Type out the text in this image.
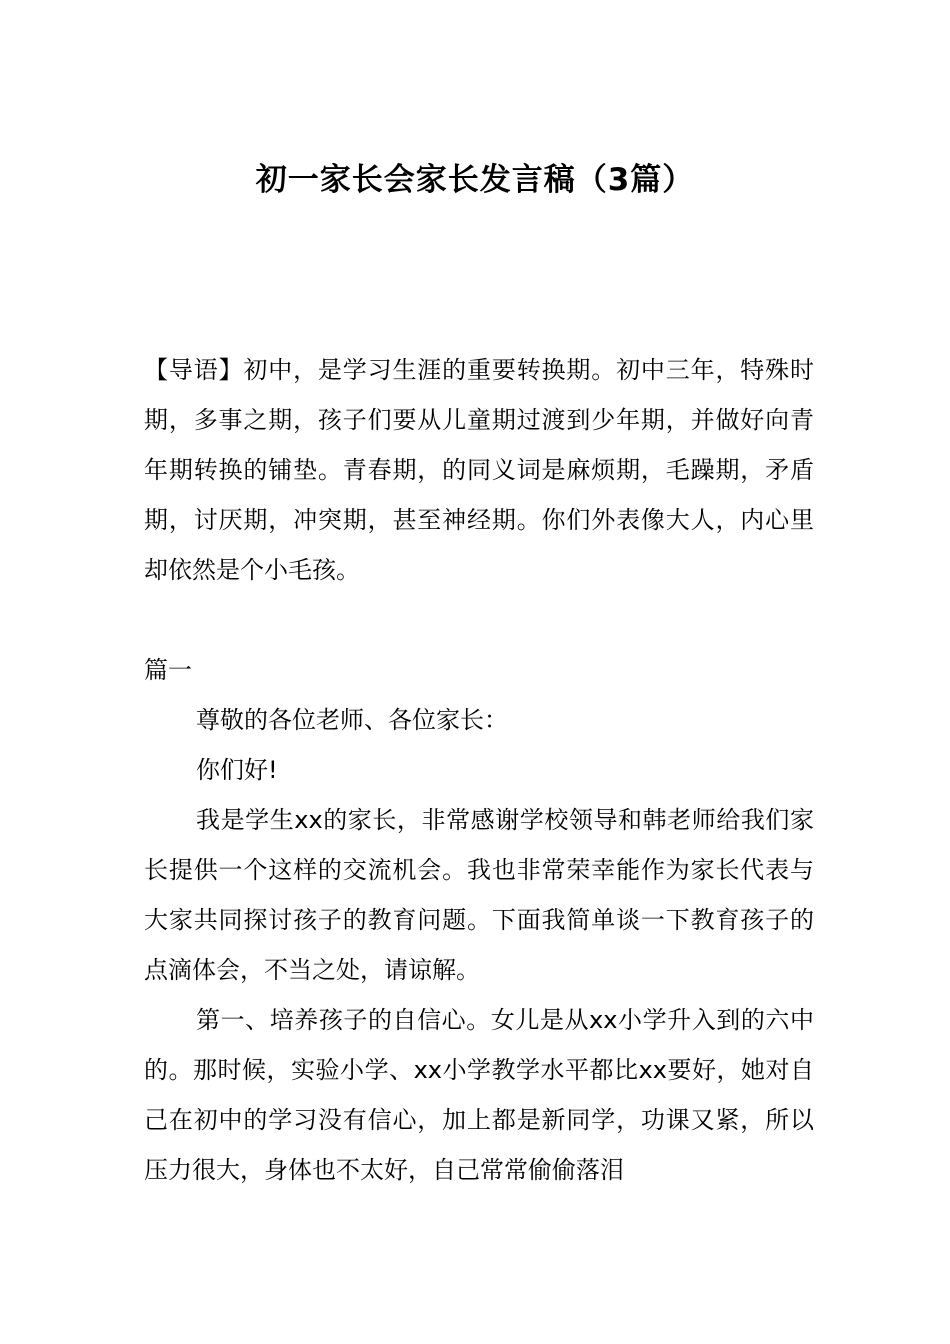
初一家长会家长发言稿（3篇）

【导语】初中，是学习生涯的重要转换期。初中三年，特殊时期，多事之期，孩子们要从儿童期过渡到少年期，并做好向青年期转换的铺垫。青春期，的同义词是麻烦期，毛躁期，矛盾期，讨厌期，冲突期，甚至神经期。你们外表像大人，内心里却依然是个小毛孩。

篇一

尊敬的各位老师、各位家长：

你们好!

我是学生xx的家长，非常感谢学校领导和韩老师给我们家长提供一个这样的交流机会。我也非常荣幸能作为家长代表与大家共同探讨孩子的教育问题。下面我简单谈一下教育孩子的点滴体会，不当之处，请谅解。

第一、培养孩子的自信心。女儿是从xx小学升入到的六中的。那时候，实验小学、xx小学教学水平都比xx要好，她对自己在初中的学习没有信心，加上都是新同学，功课又紧，所以压力很大，身体也不太好，自己常常偷偷落泪
